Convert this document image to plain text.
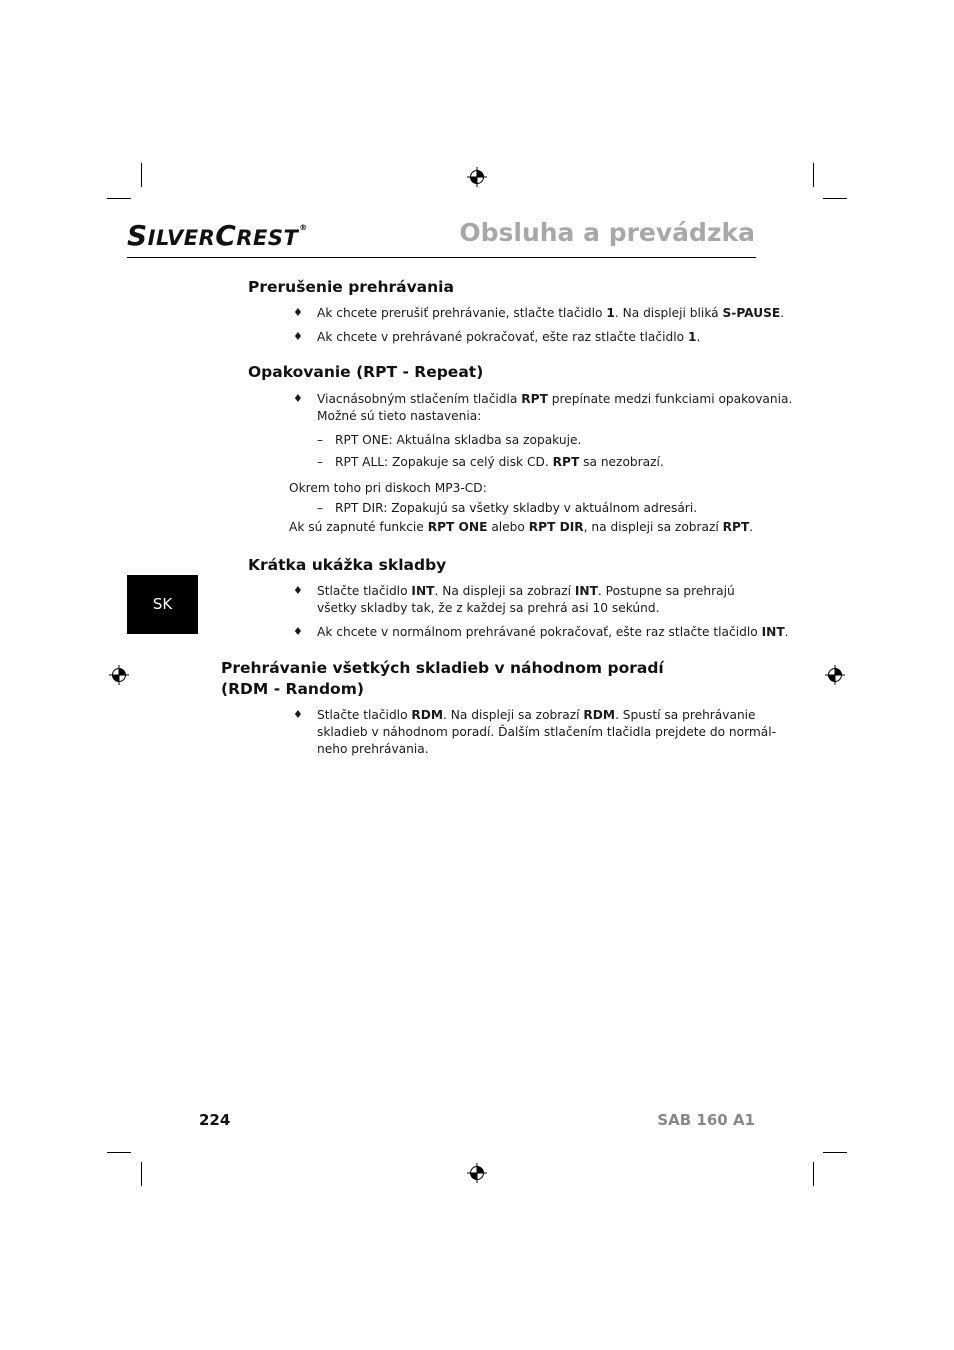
SILVERCREST®	Obsluha a prevádzka
SK
Prerušenie prehrávania
♦ Ak chcete prerušiť prehrávanie, stlačte tlačidlo 1. Na displeji bliká S-PAUSE.
♦ Ak chcete v prehrávané pokračovať, ešte raz stlačte tlačidlo 1.
Opakovanie (RPT - Repeat)
♦ Viacnásobným stlačením tlačidla RPT prepínate medzi funkciami opakovania.
Možné sú tieto nastavenia:
– RPT ONE: Aktuálna skladba sa zopakuje.
– RPT ALL: Zopakuje sa celý disk CD. RPT sa nezobrazí.
Okrem toho pri diskoch MP3-CD:
– RPT DIR: Zopakujú sa všetky skladby v aktuálnom adresári.
Ak sú zapnuté funkcie RPT ONE alebo RPT DIR, na displeji sa zobrazí RPT.
Krátka ukážka skladby
♦ Stlačte tlačidlo INT. Na displeji sa zobrazí INT. Postupne sa prehrajú
všetky skladby tak, že z každej sa prehrá asi 10 sekúnd.
♦ Ak chcete v normálnom prehrávané pokračovať, ešte raz stlačte tlačidlo INT.
Prehrávanie všetkých skladieb v náhodnom poradí
(RDM - Random)
♦ Stlačte tlačidlo RDM. Na displeji sa zobrazí RDM. Spustí sa prehrávanie
skladieb v náhodnom poradí. Ďalším stlačením tlačidla prejdete do normál-
neho prehrávania.
224	SAB 160 A1
